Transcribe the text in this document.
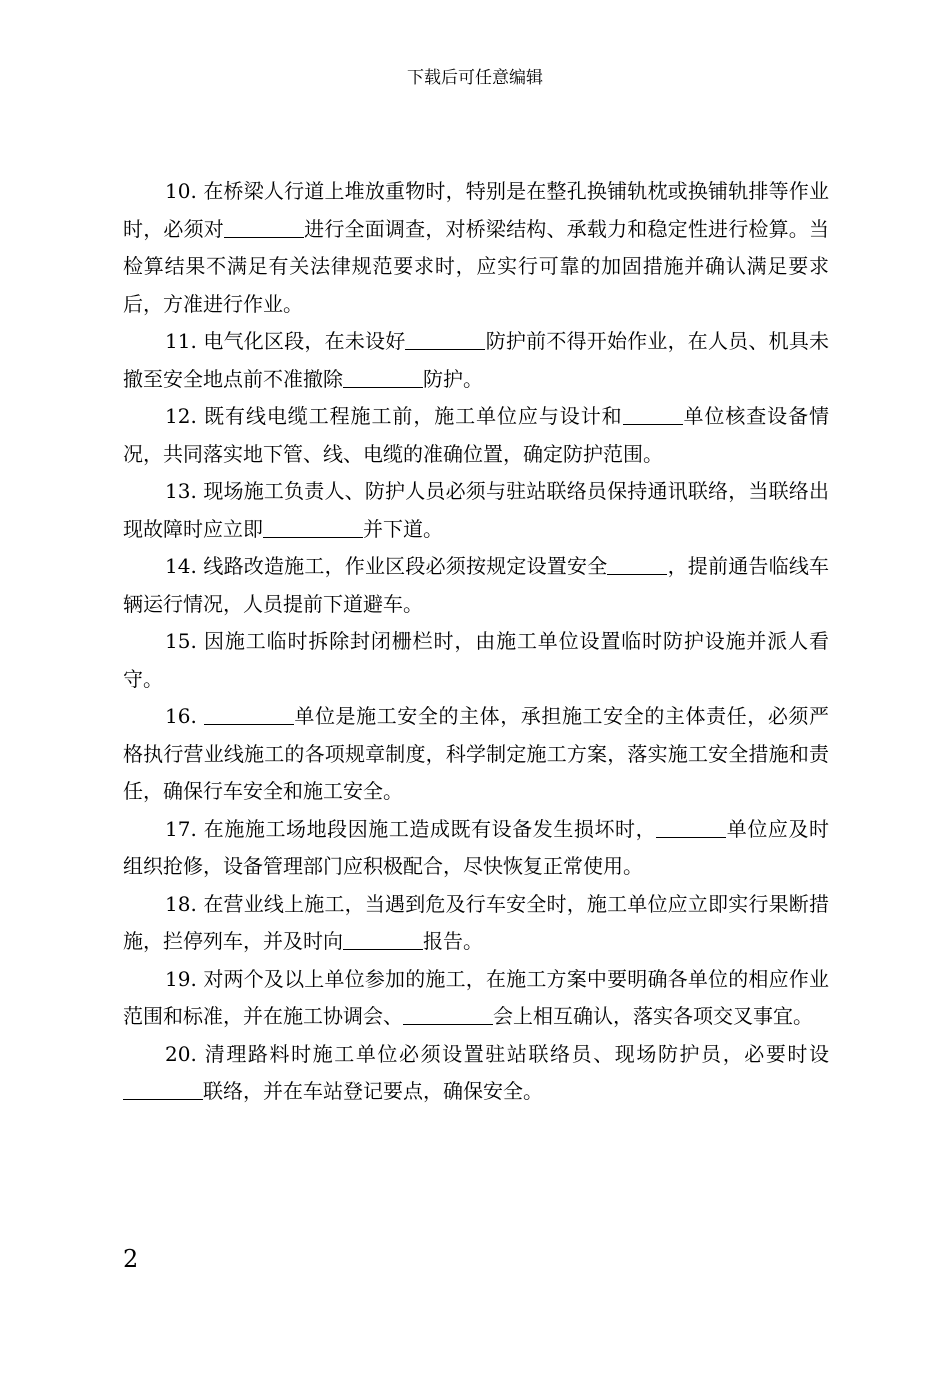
下载后可任意编辑

10. 在桥梁人行道上堆放重物时，特别是在整孔换铺轨枕或换铺轨排等作业时，必须对	进行全面调查，对桥梁结构、承载力和稳定性进行检算。当检算结果不满足有关法律规范要求时，应实行可靠的加固措施并确认满足要求后，方准进行作业。

11. 电气化区段，在未设好	防护前不得开始作业，在人员、机具未撤至安全地点前不准撤除	防护。

12. 既有线电缆工程施工前，施工单位应与设计和	单位核查设备情况，共同落实地下管、线、电缆的准确位置，确定防护范围。

13. 现场施工负责人、防护人员必须与驻站联络员保持通讯联络，当联络出现故障时应立即	并下道。

14. 线路改造施工，作业区段必须按规定设置安全	，提前通告临线车辆运行情况，人员提前下道避车。

15. 因施工临时拆除封闭栅栏时，由施工单位设置临时防护设施并派人看守。

16.	单位是施工安全的主体，承担施工安全的主体责任，必须严格执行营业线施工的各项规章制度，科学制定施工方案，落实施工安全措施和责任，确保行车安全和施工安全。

17. 在施施工场地段因施工造成既有设备发生损坏时，	单位应及时组织抢修，设备管理部门应积极配合，尽快恢复正常使用。

18. 在营业线上施工，当遇到危及行车安全时，施工单位应立即实行果断措施，拦停列车，并及时向	报告。

19. 对两个及以上单位参加的施工，在施工方案中要明确各单位的相应作业范围和标准，并在施工协调会、	会上相互确认，落实各项交叉事宜。

20. 清理路料时施工单位必须设置驻站联络员、现场防护员，必要时设联络，并在车站登记要点，确保安全。

2
